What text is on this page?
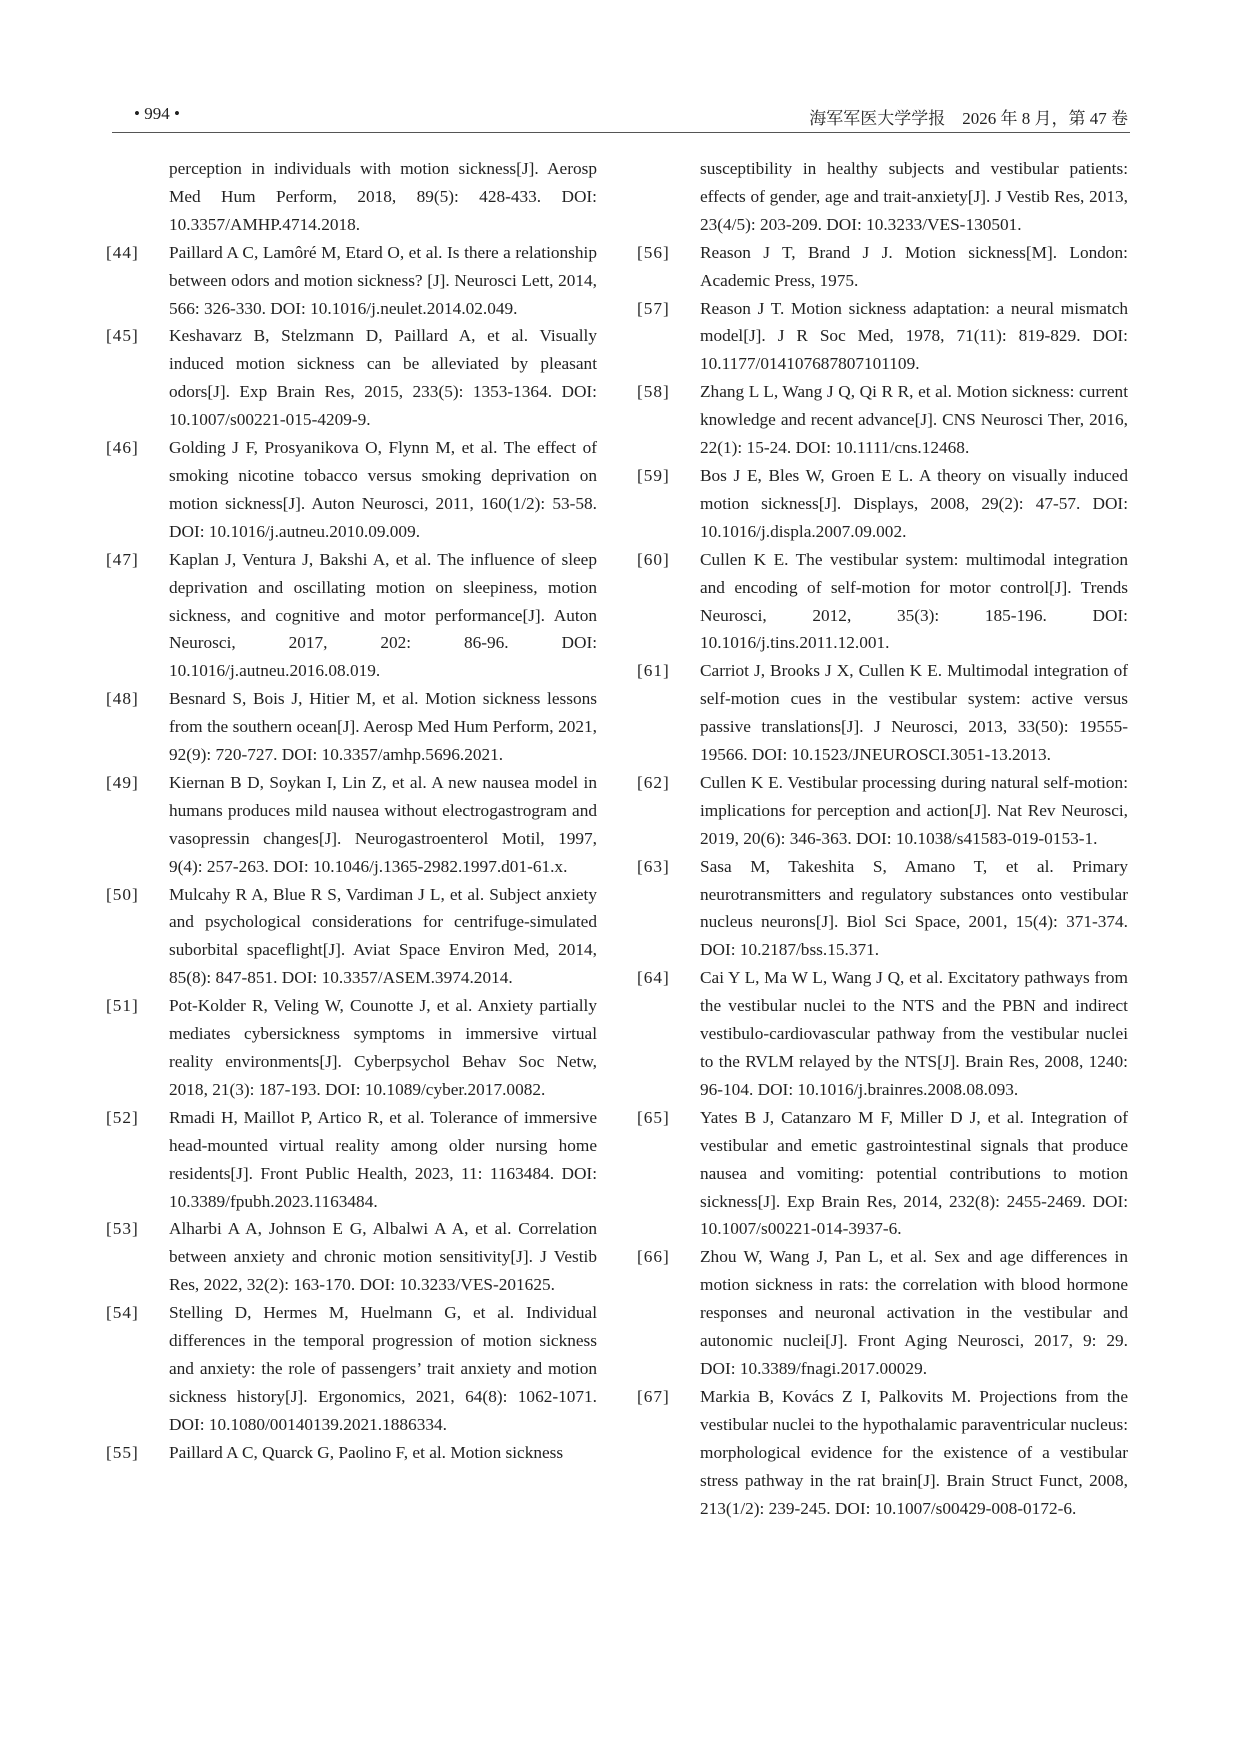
• 994 •	海军军医大学学报　2026 年 8 月，第 47 卷
perception in individuals with motion sickness[J]. Aerosp Med Hum Perform, 2018, 89(5): 428-433. DOI: 10.3357/AMHP.4714.2018.
[44] Paillard A C, Lamôré M, Etard O, et al. Is there a relationship between odors and motion sickness? [J]. Neurosci Lett, 2014, 566: 326-330. DOI: 10.1016/j.neulet.2014.02.049.
[45] Keshavarz B, Stelzmann D, Paillard A, et al. Visually induced motion sickness can be alleviated by pleasant odors[J]. Exp Brain Res, 2015, 233(5): 1353-1364. DOI: 10.1007/s00221-015-4209-9.
[46] Golding J F, Prosyanikova O, Flynn M, et al. The effect of smoking nicotine tobacco versus smoking deprivation on motion sickness[J]. Auton Neurosci, 2011, 160(1/2): 53-58. DOI: 10.1016/j.autneu.2010.09.009.
[47] Kaplan J, Ventura J, Bakshi A, et al. The influence of sleep deprivation and oscillating motion on sleepiness, motion sickness, and cognitive and motor performance[J]. Auton Neurosci, 2017, 202: 86-96. DOI: 10.1016/j.autneu.2016.08.019.
[48] Besnard S, Bois J, Hitier M, et al. Motion sickness lessons from the southern ocean[J]. Aerosp Med Hum Perform, 2021, 92(9): 720-727. DOI: 10.3357/amhp.5696.2021.
[49] Kiernan B D, Soykan I, Lin Z, et al. A new nausea model in humans produces mild nausea without electrogastrogram and vasopressin changes[J]. Neurogastroenterol Motil, 1997, 9(4): 257-263. DOI: 10.1046/j.1365-2982.1997.d01-61.x.
[50] Mulcahy R A, Blue R S, Vardiman J L, et al. Subject anxiety and psychological considerations for centrifuge-simulated suborbital spaceflight[J]. Aviat Space Environ Med, 2014, 85(8): 847-851. DOI: 10.3357/ASEM.3974.2014.
[51] Pot-Kolder R, Veling W, Counotte J, et al. Anxiety partially mediates cybersickness symptoms in immersive virtual reality environments[J]. Cyberpsychol Behav Soc Netw, 2018, 21(3): 187-193. DOI: 10.1089/cyber.2017.0082.
[52] Rmadi H, Maillot P, Artico R, et al. Tolerance of immersive head-mounted virtual reality among older nursing home residents[J]. Front Public Health, 2023, 11: 1163484. DOI: 10.3389/fpubh.2023.1163484.
[53] Alharbi A A, Johnson E G, Albalwi A A, et al. Correlation between anxiety and chronic motion sensitivity[J]. J Vestib Res, 2022, 32(2): 163-170. DOI: 10.3233/VES-201625.
[54] Stelling D, Hermes M, Huelmann G, et al. Individual differences in the temporal progression of motion sickness and anxiety: the role of passengers’ trait anxiety and motion sickness history[J]. Ergonomics, 2021, 64(8): 1062-1071. DOI: 10.1080/00140139.2021.1886334.
[55] Paillard A C, Quarck G, Paolino F, et al. Motion sickness
susceptibility in healthy subjects and vestibular patients: effects of gender, age and trait-anxiety[J]. J Vestib Res, 2013, 23(4/5): 203-209. DOI: 10.3233/VES-130501.
[56] Reason J T, Brand J J. Motion sickness[M]. London: Academic Press, 1975.
[57] Reason J T. Motion sickness adaptation: a neural mismatch model[J]. J R Soc Med, 1978, 71(11): 819-829. DOI: 10.1177/014107687807101109.
[58] Zhang L L, Wang J Q, Qi R R, et al. Motion sickness: current knowledge and recent advance[J]. CNS Neurosci Ther, 2016, 22(1): 15-24. DOI: 10.1111/cns.12468.
[59] Bos J E, Bles W, Groen E L. A theory on visually induced motion sickness[J]. Displays, 2008, 29(2): 47-57. DOI: 10.1016/j.displa.2007.09.002.
[60] Cullen K E. The vestibular system: multimodal integration and encoding of self-motion for motor control[J]. Trends Neurosci, 2012, 35(3): 185-196. DOI: 10.1016/j.tins.2011.12.001.
[61] Carriot J, Brooks J X, Cullen K E. Multimodal integration of self-motion cues in the vestibular system: active versus passive translations[J]. J Neurosci, 2013, 33(50): 19555-19566. DOI: 10.1523/JNEUROSCI.3051-13.2013.
[62] Cullen K E. Vestibular processing during natural self-motion: implications for perception and action[J]. Nat Rev Neurosci, 2019, 20(6): 346-363. DOI: 10.1038/s41583-019-0153-1.
[63] Sasa M, Takeshita S, Amano T, et al. Primary neurotransmitters and regulatory substances onto vestibular nucleus neurons[J]. Biol Sci Space, 2001, 15(4): 371-374. DOI: 10.2187/bss.15.371.
[64] Cai Y L, Ma W L, Wang J Q, et al. Excitatory pathways from the vestibular nuclei to the NTS and the PBN and indirect vestibulo-cardiovascular pathway from the vestibular nuclei to the RVLM relayed by the NTS[J]. Brain Res, 2008, 1240: 96-104. DOI: 10.1016/j.brainres.2008.08.093.
[65] Yates B J, Catanzaro M F, Miller D J, et al. Integration of vestibular and emetic gastrointestinal signals that produce nausea and vomiting: potential contributions to motion sickness[J]. Exp Brain Res, 2014, 232(8): 2455-2469. DOI: 10.1007/s00221-014-3937-6.
[66] Zhou W, Wang J, Pan L, et al. Sex and age differences in motion sickness in rats: the correlation with blood hormone responses and neuronal activation in the vestibular and autonomic nuclei[J]. Front Aging Neurosci, 2017, 9: 29. DOI: 10.3389/fnagi.2017.00029.
[67] Markia B, Kovács Z I, Palkovits M. Projections from the vestibular nuclei to the hypothalamic paraventricular nucleus: morphological evidence for the existence of a vestibular stress pathway in the rat brain[J]. Brain Struct Funct, 2008, 213(1/2): 239-245. DOI: 10.1007/s00429-008-0172-6.
